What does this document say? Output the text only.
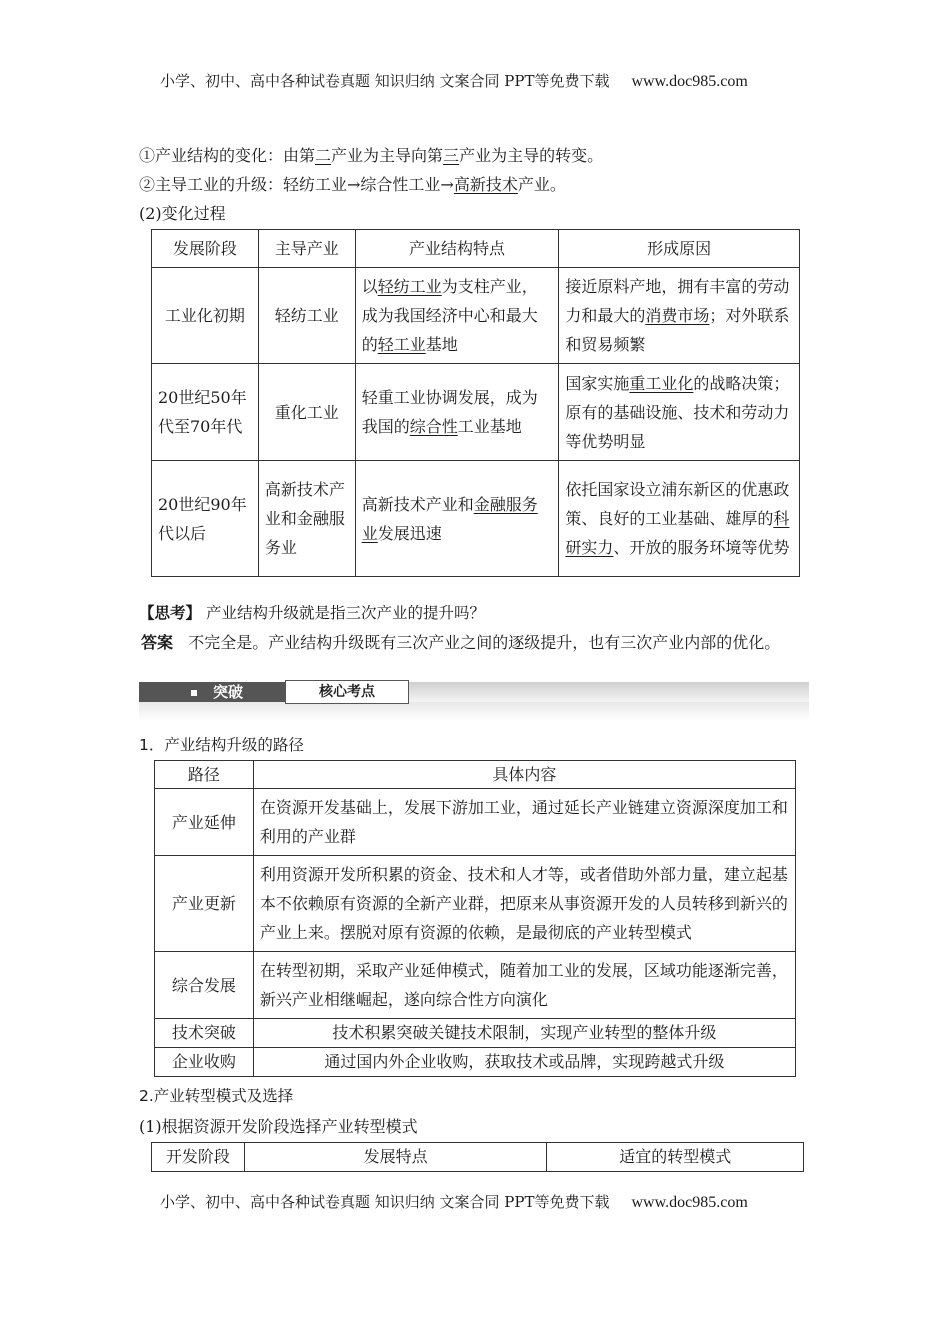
小学、初中、高中各种试卷真题 知识归纳 文案合同 PPT等免费下载 www.doc985.com
①产业结构的变化：由第二产业为主导向第三产业为主导的转变。
②主导工业的升级：轻纺工业→综合性工业→高新技术产业。
(2)变化过程
发展阶段	主导产业	产业结构特点	形成原因
工业化初期	轻纺工业	以轻纺工业为支柱产业，成为我国经济中心和最大的轻工业基地	接近原料产地，拥有丰富的劳动力和最大的消费市场；对外联系和贸易频繁
20世纪50年代至70年代	重化工业	轻重工业协调发展，成为我国的综合性工业基地	国家实施重工业化的战略决策；原有的基础设施、技术和劳动力等优势明显
20世纪90年代以后	高新技术产业和金融服务业	高新技术产业和金融服务业发展迅速	依托国家设立浦东新区的优惠政策、良好的工业基础、雄厚的科研实力、开放的服务环境等优势
【思考】 产业结构升级就是指三次产业的提升吗？
答案 不完全是。产业结构升级既有三次产业之间的逐级提升，也有三次产业内部的优化。
突破	核心考点
1．产业结构升级的路径
路径	具体内容
产业延伸	在资源开发基础上，发展下游加工业，通过延长产业链建立资源深度加工和利用的产业群
产业更新	利用资源开发所积累的资金、技术和人才等，或者借助外部力量，建立起基本不依赖原有资源的全新产业群，把原来从事资源开发的人员转移到新兴的产业上来。摆脱对原有资源的依赖，是最彻底的产业转型模式
综合发展	在转型初期，采取产业延伸模式，随着加工业的发展，区域功能逐渐完善，新兴产业相继崛起，遂向综合性方向演化
技术突破	技术积累突破关键技术限制，实现产业转型的整体升级
企业收购	通过国内外企业收购，获取技术或品牌，实现跨越式升级
2.产业转型模式及选择
(1)根据资源开发阶段选择产业转型模式
开发阶段	发展特点	适宜的转型模式
小学、初中、高中各种试卷真题 知识归纳 文案合同 PPT等免费下载 www.doc985.com
